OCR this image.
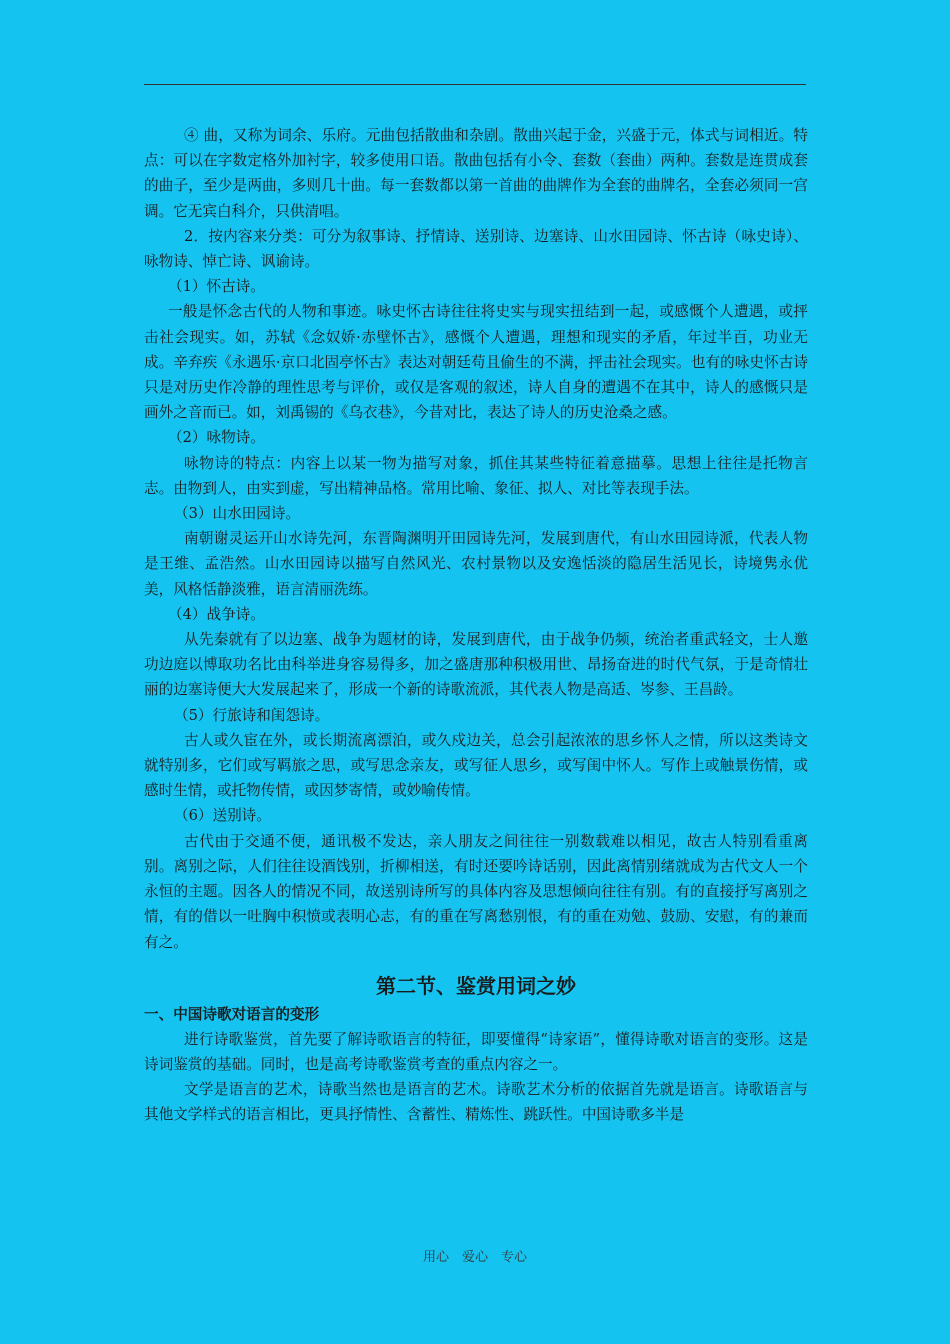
④ 曲，又称为词余、乐府。元曲包括散曲和杂剧。散曲兴起于金，兴盛于元，体式与词相近。特点：可以在字数定格外加衬字，较多使用口语。散曲包括有小令、套数（套曲）两种。套数是连贯成套的曲子，至少是两曲，多则几十曲。每一套数都以第一首曲的曲牌作为全套的曲牌名，全套必须同一宫调。它无宾白科介，只供清唱。

2．按内容来分类：可分为叙事诗、抒情诗、送别诗、边塞诗、山水田园诗、怀古诗（咏史诗）、咏物诗、悼亡诗、讽谕诗。

（1）怀古诗。

一般是怀念古代的人物和事迹。咏史怀古诗往往将史实与现实扭结到一起，或感慨个人遭遇，或抨击社会现实。如，苏轼《念奴娇·赤壁怀古》，感慨个人遭遇，理想和现实的矛盾，年过半百，功业无成。辛弃疾《永遇乐·京口北固亭怀古》表达对朝廷苟且偷生的不满，抨击社会现实。也有的咏史怀古诗只是对历史作冷静的理性思考与评价，或仅是客观的叙述，诗人自身的遭遇不在其中，诗人的感慨只是画外之音而已。如，刘禹锡的《乌衣巷》，今昔对比，表达了诗人的历史沧桑之感。

（2）咏物诗。

咏物诗的特点：内容上以某一物为描写对象，抓住其某些特征着意描摹。思想上往往是托物言志。由物到人，由实到虚，写出精神品格。常用比喻、象征、拟人、对比等表现手法。

（3）山水田园诗。

南朝谢灵运开山水诗先河，东晋陶渊明开田园诗先河，发展到唐代，有山水田园诗派，代表人物是王维、孟浩然。山水田园诗以描写自然风光、农村景物以及安逸恬淡的隐居生活见长，诗境隽永优美，风格恬静淡雅，语言清丽洗练。

（4）战争诗。

从先秦就有了以边塞、战争为题材的诗，发展到唐代，由于战争仍频，统治者重武轻文，士人邀功边庭以博取功名比由科举进身容易得多，加之盛唐那种积极用世、昂扬奋进的时代气氛，于是奇情壮丽的边塞诗便大大发展起来了，形成一个新的诗歌流派，其代表人物是高适、岑参、王昌龄。

（5）行旅诗和闺怨诗。

古人或久宦在外，或长期流离漂泊，或久戍边关，总会引起浓浓的思乡怀人之情，所以这类诗文就特别多，它们或写羁旅之思，或写思念亲友，或写征人思乡，或写闺中怀人。写作上或触景伤情，或感时生情，或托物传情，或因梦寄情，或妙喻传情。

（6）送别诗。

古代由于交通不便，通讯极不发达，亲人朋友之间往往一别数载难以相见，故古人特别看重离别。离别之际，人们往往设酒饯别，折柳相送，有时还要吟诗话别，因此离情别绪就成为古代文人一个永恒的主题。因各人的情况不同，故送别诗所写的具体内容及思想倾向往往有别。有的直接抒写离别之情，有的借以一吐胸中积愤或表明心志，有的重在写离愁别恨，有的重在劝勉、鼓励、安慰，有的兼而有之。

第二节、鉴赏用词之妙
一、中国诗歌对语言的变形

进行诗歌鉴赏，首先要了解诗歌语言的特征，即要懂得“诗家语”，懂得诗歌对语言的变形。这是诗词鉴赏的基础。同时，也是高考诗歌鉴赏考查的重点内容之一。

文学是语言的艺术，诗歌当然也是语言的艺术。诗歌艺术分析的依据首先就是语言。诗歌语言与其他文学样式的语言相比，更具抒情性、含蓄性、精炼性、跳跃性。中国诗歌多半是

用心　爱心　专心
